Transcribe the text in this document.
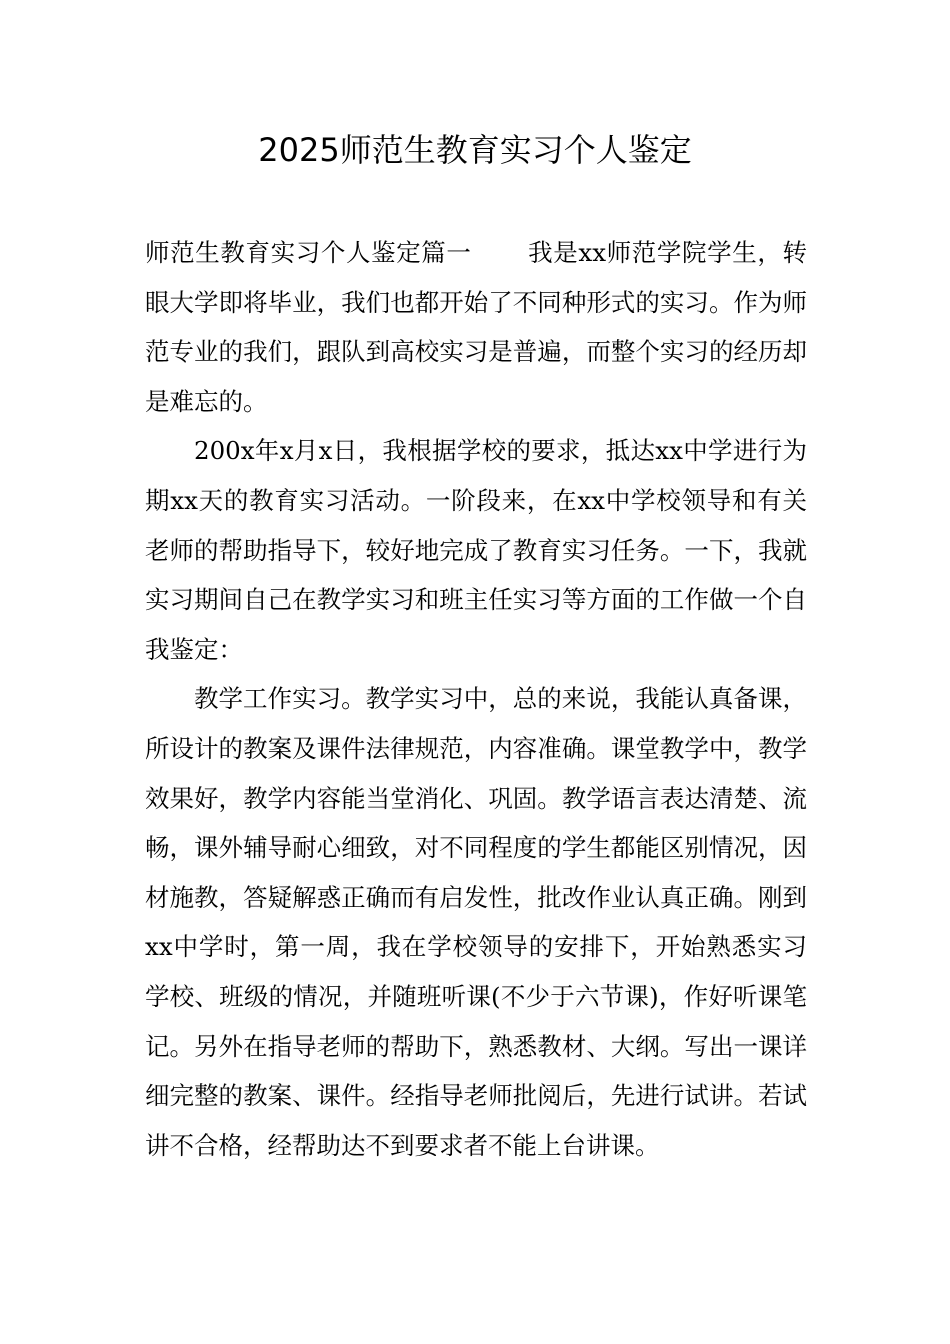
2025师范生教育实习个人鉴定

师范生教育实习个人鉴定篇一 我是xx师范学院学生，转眼大学即将毕业，我们也都开始了不同种形式的实习。作为师范专业的我们，跟队到高校实习是普遍，而整个实习的经历却是难忘的。

200x年x月x日，我根据学校的要求，抵达xx中学进行为期xx天的教育实习活动。一阶段来，在xx中学校领导和有关老师的帮助指导下，较好地完成了教育实习任务。一下，我就实习期间自己在教学实习和班主任实习等方面的工作做一个自我鉴定：

教学工作实习。教学实习中，总的来说，我能认真备课，所设计的教案及课件法律规范，内容准确。课堂教学中，教学效果好，教学内容能当堂消化、巩固。教学语言表达清楚、流畅，课外辅导耐心细致，对不同程度的学生都能区别情况，因材施教，答疑解惑正确而有启发性，批改作业认真正确。刚到xx中学时，第一周，我在学校领导的安排下，开始熟悉实习学校、班级的情况，并随班听课(不少于六节课)，作好听课笔记。另外在指导老师的帮助下，熟悉教材、大纲。写出一课详细完整的教案、课件。经指导老师批阅后，先进行试讲。若试讲不合格，经帮助达不到要求者不能上台讲课。
